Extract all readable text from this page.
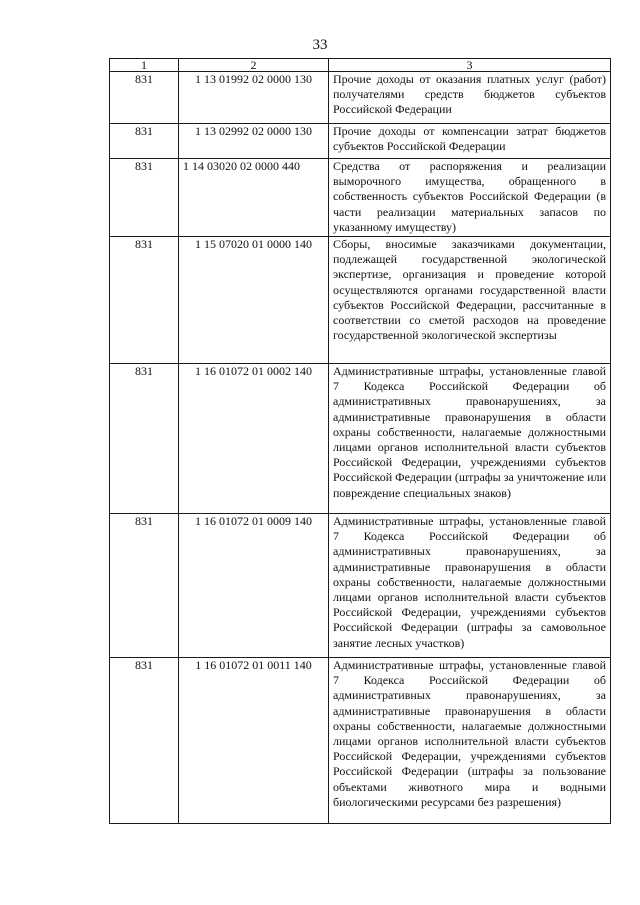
33
1	2	3
831	1 13 01992 02 0000 130	Прочие доходы от оказания платных услуг (работ) получателями средств бюджетов субъектов Российской Федерации
831	1 13 02992 02 0000 130	Прочие доходы от компенсации затрат бюджетов субъектов Российской Федерации
831	1 14 03020 02 0000 440	Средства от распоряжения и реализации выморочного имущества, обращенного в собственность субъектов Российской Федерации (в части реализации материальных запасов по указанному имуществу)
831	1 15 07020 01 0000 140	Сборы, вносимые заказчиками документации, подлежащей государственной экологической экспертизе, организация и проведение которой осуществляются органами государственной власти субъектов Российской Федерации, рассчитанные в соответствии со сметой расходов на проведение государственной экологической экспертизы
831	1 16 01072 01 0002 140	Административные штрафы, установленные главой 7 Кодекса Российской Федерации об административных правонарушениях, за административные правонарушения в области охраны собственности, налагаемые должностными лицами органов исполнительной власти субъектов Российской Федерации, учреждениями субъектов Российской Федерации (штрафы за уничтожение или повреждение специальных знаков)
831	1 16 01072 01 0009 140	Административные штрафы, установленные главой 7 Кодекса Российской Федерации об административных правонарушениях, за административные правонарушения в области охраны собственности, налагаемые должностными лицами органов исполнительной власти субъектов Российской Федерации, учреждениями субъектов Российской Федерации (штрафы за самовольное занятие лесных участков)
831	1 16 01072 01 0011 140	Административные штрафы, установленные главой 7 Кодекса Российской Федерации об административных правонарушениях, за административные правонарушения в области охраны собственности, налагаемые должностными лицами органов исполнительной власти субъектов Российской Федерации, учреждениями субъектов Российской Федерации (штрафы за пользование объектами животного мира и водными биологическими ресурсами без разрешения)
